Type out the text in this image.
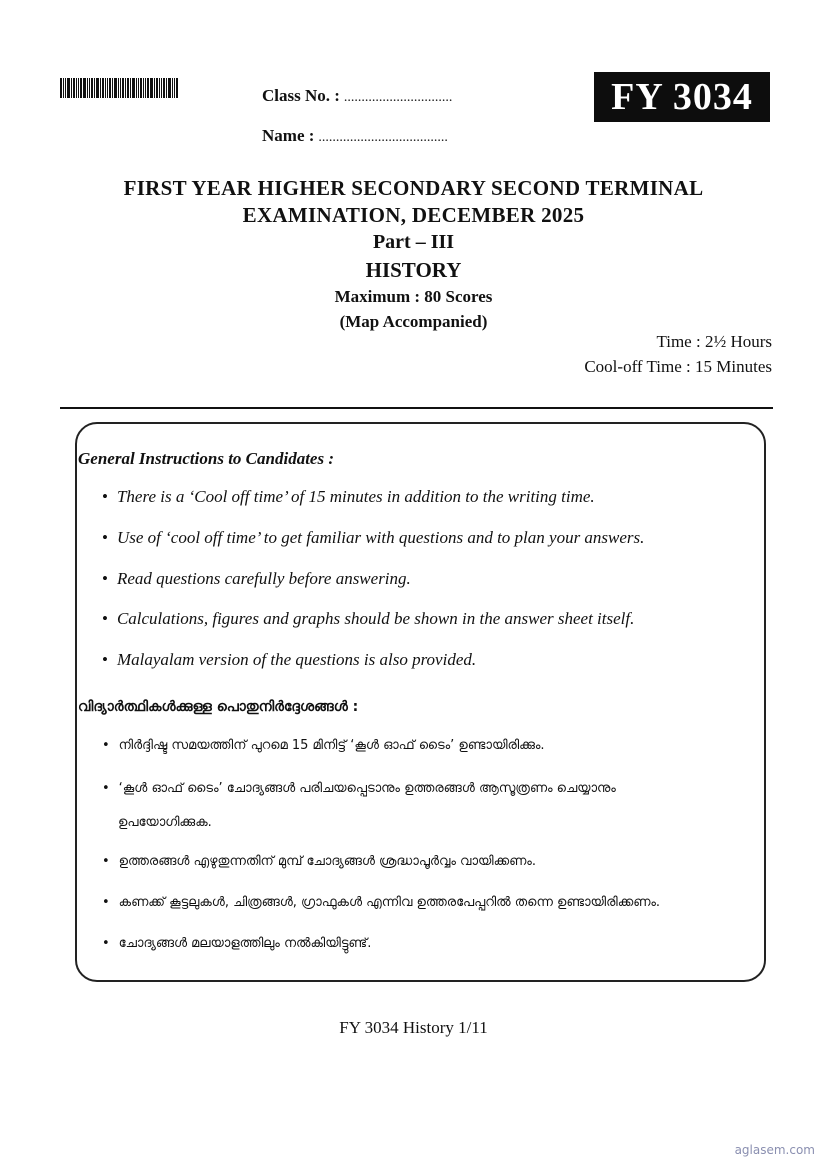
Class No. : ...............................
Name : .....................................
FY 3034
FIRST YEAR HIGHER SECONDARY SECOND TERMINAL
EXAMINATION, DECEMBER 2025
Part – III
HISTORY
Maximum : 80 Scores
(Map Accompanied)
Time : 2½ Hours
Cool-off Time : 15 Minutes
General Instructions to Candidates :
• There is a ‘Cool off time’ of 15 minutes in addition to the writing time.
• Use of ‘cool off time’ to get familiar with questions and to plan your answers.
• Read questions carefully before answering.
• Calculations, figures and graphs should be shown in the answer sheet itself.
• Malayalam version of the questions is also provided.
വിദ്യാർത്ഥികൾക്കുള്ള പൊതുനിർദ്ദേശങ്ങൾ :
• നിർദ്ദിഷ്ട സമയത്തിന് പുറമെ 15 മിനിട്ട് ‘കൂൾ ഓഫ് ടൈം’ ഉണ്ടായിരിക്കും.
• ‘കൂൾ ഓഫ് ടൈം’ ചോദ്യങ്ങൾ പരിചയപ്പെടാനും ഉത്തരങ്ങൾ ആസൂത്രണം ചെയ്യാനും
ഉപയോഗിക്കുക.
• ഉത്തരങ്ങൾ എഴുതുന്നതിന് മുമ്പ് ചോദ്യങ്ങൾ ശ്രദ്ധാപൂർവ്വം വായിക്കണം.
• കണക്ക് കൂട്ടലുകൾ, ചിത്രങ്ങൾ, ഗ്രാഫുകൾ എന്നിവ ഉത്തരപേപ്പറിൽ തന്നെ ഉണ്ടായിരിക്കണം.
• ചോദ്യങ്ങൾ മലയാളത്തിലും നൽകിയിട്ടുണ്ട്.
FY 3034 History 1/11
aglasem.com
